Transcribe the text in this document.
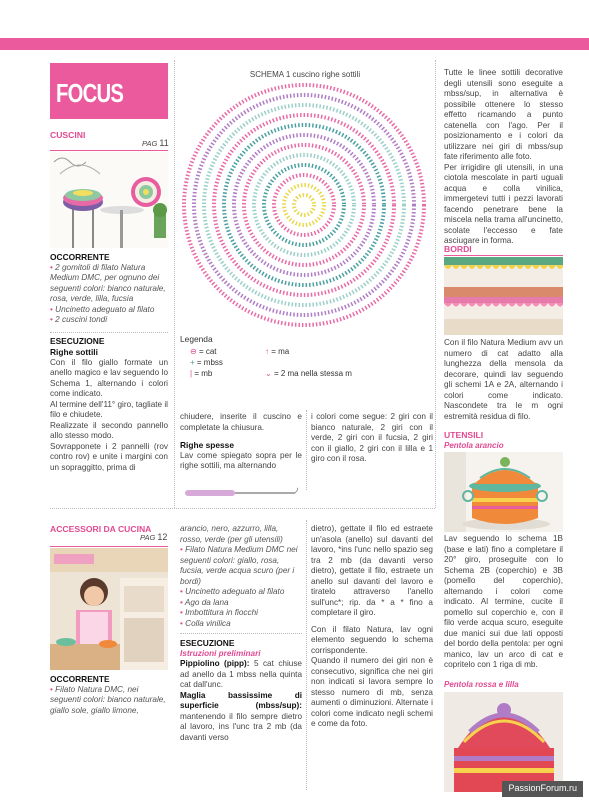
FOCUS
CUSCINI
PAG 11
OCCORRENTE
• 2 gomitoli di filato Natura Medium DMC, per ognuno dei seguenti colori: bianco naturale, rosa, verde, lilla, fucsia
• Uncinetto adeguato al filato
• 2 cuscini tondi
ESECUZIONE
Righe sottili

Con il filo giallo formate un anello magico e lav seguendo lo Schema 1, alternando i colori come indicato.

Al termine dell'11° giro, tagliate il filo e chiudete.

Realizzate il secondo pannello allo stesso modo.

Sovrapponete i 2 pannelli (rov contro rov) e unite i margini con un sopraggitto, prima di

SCHEMA 1 cuscino righe sottili
Legenda
⊖ = cat
+ = mbss
| = mb
↑ = ma
⌄ = 2 ma nella stessa m

chiudere, inserite il cuscino e completate la chiusura.

Righe spesse

Lav come spiegato sopra per le righe sottili, ma alternando

i colori come segue: 2 giri con il bianco naturale, 2 giri con il verde, 2 giri con il fucsia, 2 giri con il giallo, 2 giri con il lilla e 1 giro con il rosa.

Tutte le linee sottili decorative degli utensili sono eseguite a mbss/sup, in alternativa è possibile ottenere lo stesso effetto ricamando a punto catenella con l'ago. Per il posizionamento e i colori da utilizzare nei giri di mbss/sup fate riferimento alle foto.

Per irrigidire gli utensili, in una ciotola mescolate in parti uguali acqua e colla vinilica, immergetevi tutti i pezzi lavorati facendo penetrare bene la miscela nella trama all'uncinetto, scolate l'eccesso e fate asciugare in forma.

BORDI
Con il filo Natura Medium avv un numero di cat adatto alla lunghezza della mensola da decorare, quindi lav seguendo gli schemi 1A e 2A, alternando i colori come indicato. Nascondete tra le m ogni estremità residua di filo.
UTENSILI
Pentola arancio
Lav seguendo lo schema 1B (base e lati) fino a completare il 20° giro, proseguite con lo Schema 2B (coperchio) e 3B (pomello del coperchio), alternando i colori come indicato. Al termine, cucite il pomello sul coperchio e, con il filo verde acqua scuro, eseguite due manici sui due lati opposti del bordo della pentola: per ogni manico, lav un arco di cat e copritelo con 1 riga di mb.
Pentola rossa e lilla
ACCESSORI DA CUCINA
PAG 12
OCCORRENTE
• Filato Natura DMC, nei seguenti colori: bianco naturale, giallo sole, giallo limone,
arancio, nero, azzurro, lilla, rosso, verde (per gli utensili)
• Filato Natura Medium DMC nei seguenti colori: giallo, rosa, fucsia, verde acqua scuro (per i bordi)
• Uncinetto adeguato al filato
• Ago da lana
• Imbottitura in fiocchi
• Colla vinilica
ESECUZIONE
Istruzioni preliminari

Pippiolino (pipp): 5 cat chiuse ad anello da 1 mbss nella quinta cat dall'unc.

Maglia bassissime di superficie (mbss/sup): mantenendo il filo sempre dietro al lavoro, ins l'unc tra 2 mb (da davanti verso

dietro), gettate il filo ed estraete un'asola (anello) sul davanti del lavoro, *ins l'unc nello spazio seg tra 2 mb (da davanti verso dietro), gettate il filo, estraete un anello sul davanti del lavoro e tiratelo attraverso l'anello sull'unc*; rip. da * a * fino a completare il giro.

Con il filato Natura, lav ogni elemento seguendo lo schema corrispondente.

Quando il numero dei giri non è consecutivo, significa che nei giri non indicati si lavora sempre lo stesso numero di mb, senza aumenti o diminuzioni. Alternate i colori come indicato negli schemi e come da foto.

PassionForum.ru
